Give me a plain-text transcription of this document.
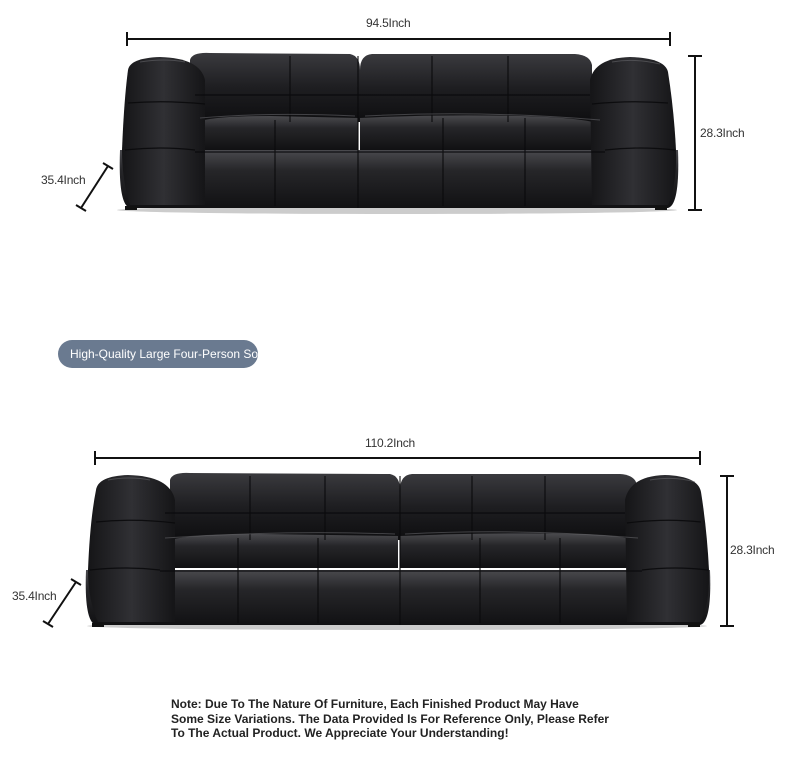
94.5Inch
28.3Inch
35.4Inch
High-Quality Large Four-Person So
110.2Inch
28.3Inch
35.4Inch
Note: Due To The Nature Of Furniture, Each Finished Product May Have Some Size Variations. The Data Provided Is For Reference Only, Please Refer To The Actual Product. We Appreciate Your Understanding!
